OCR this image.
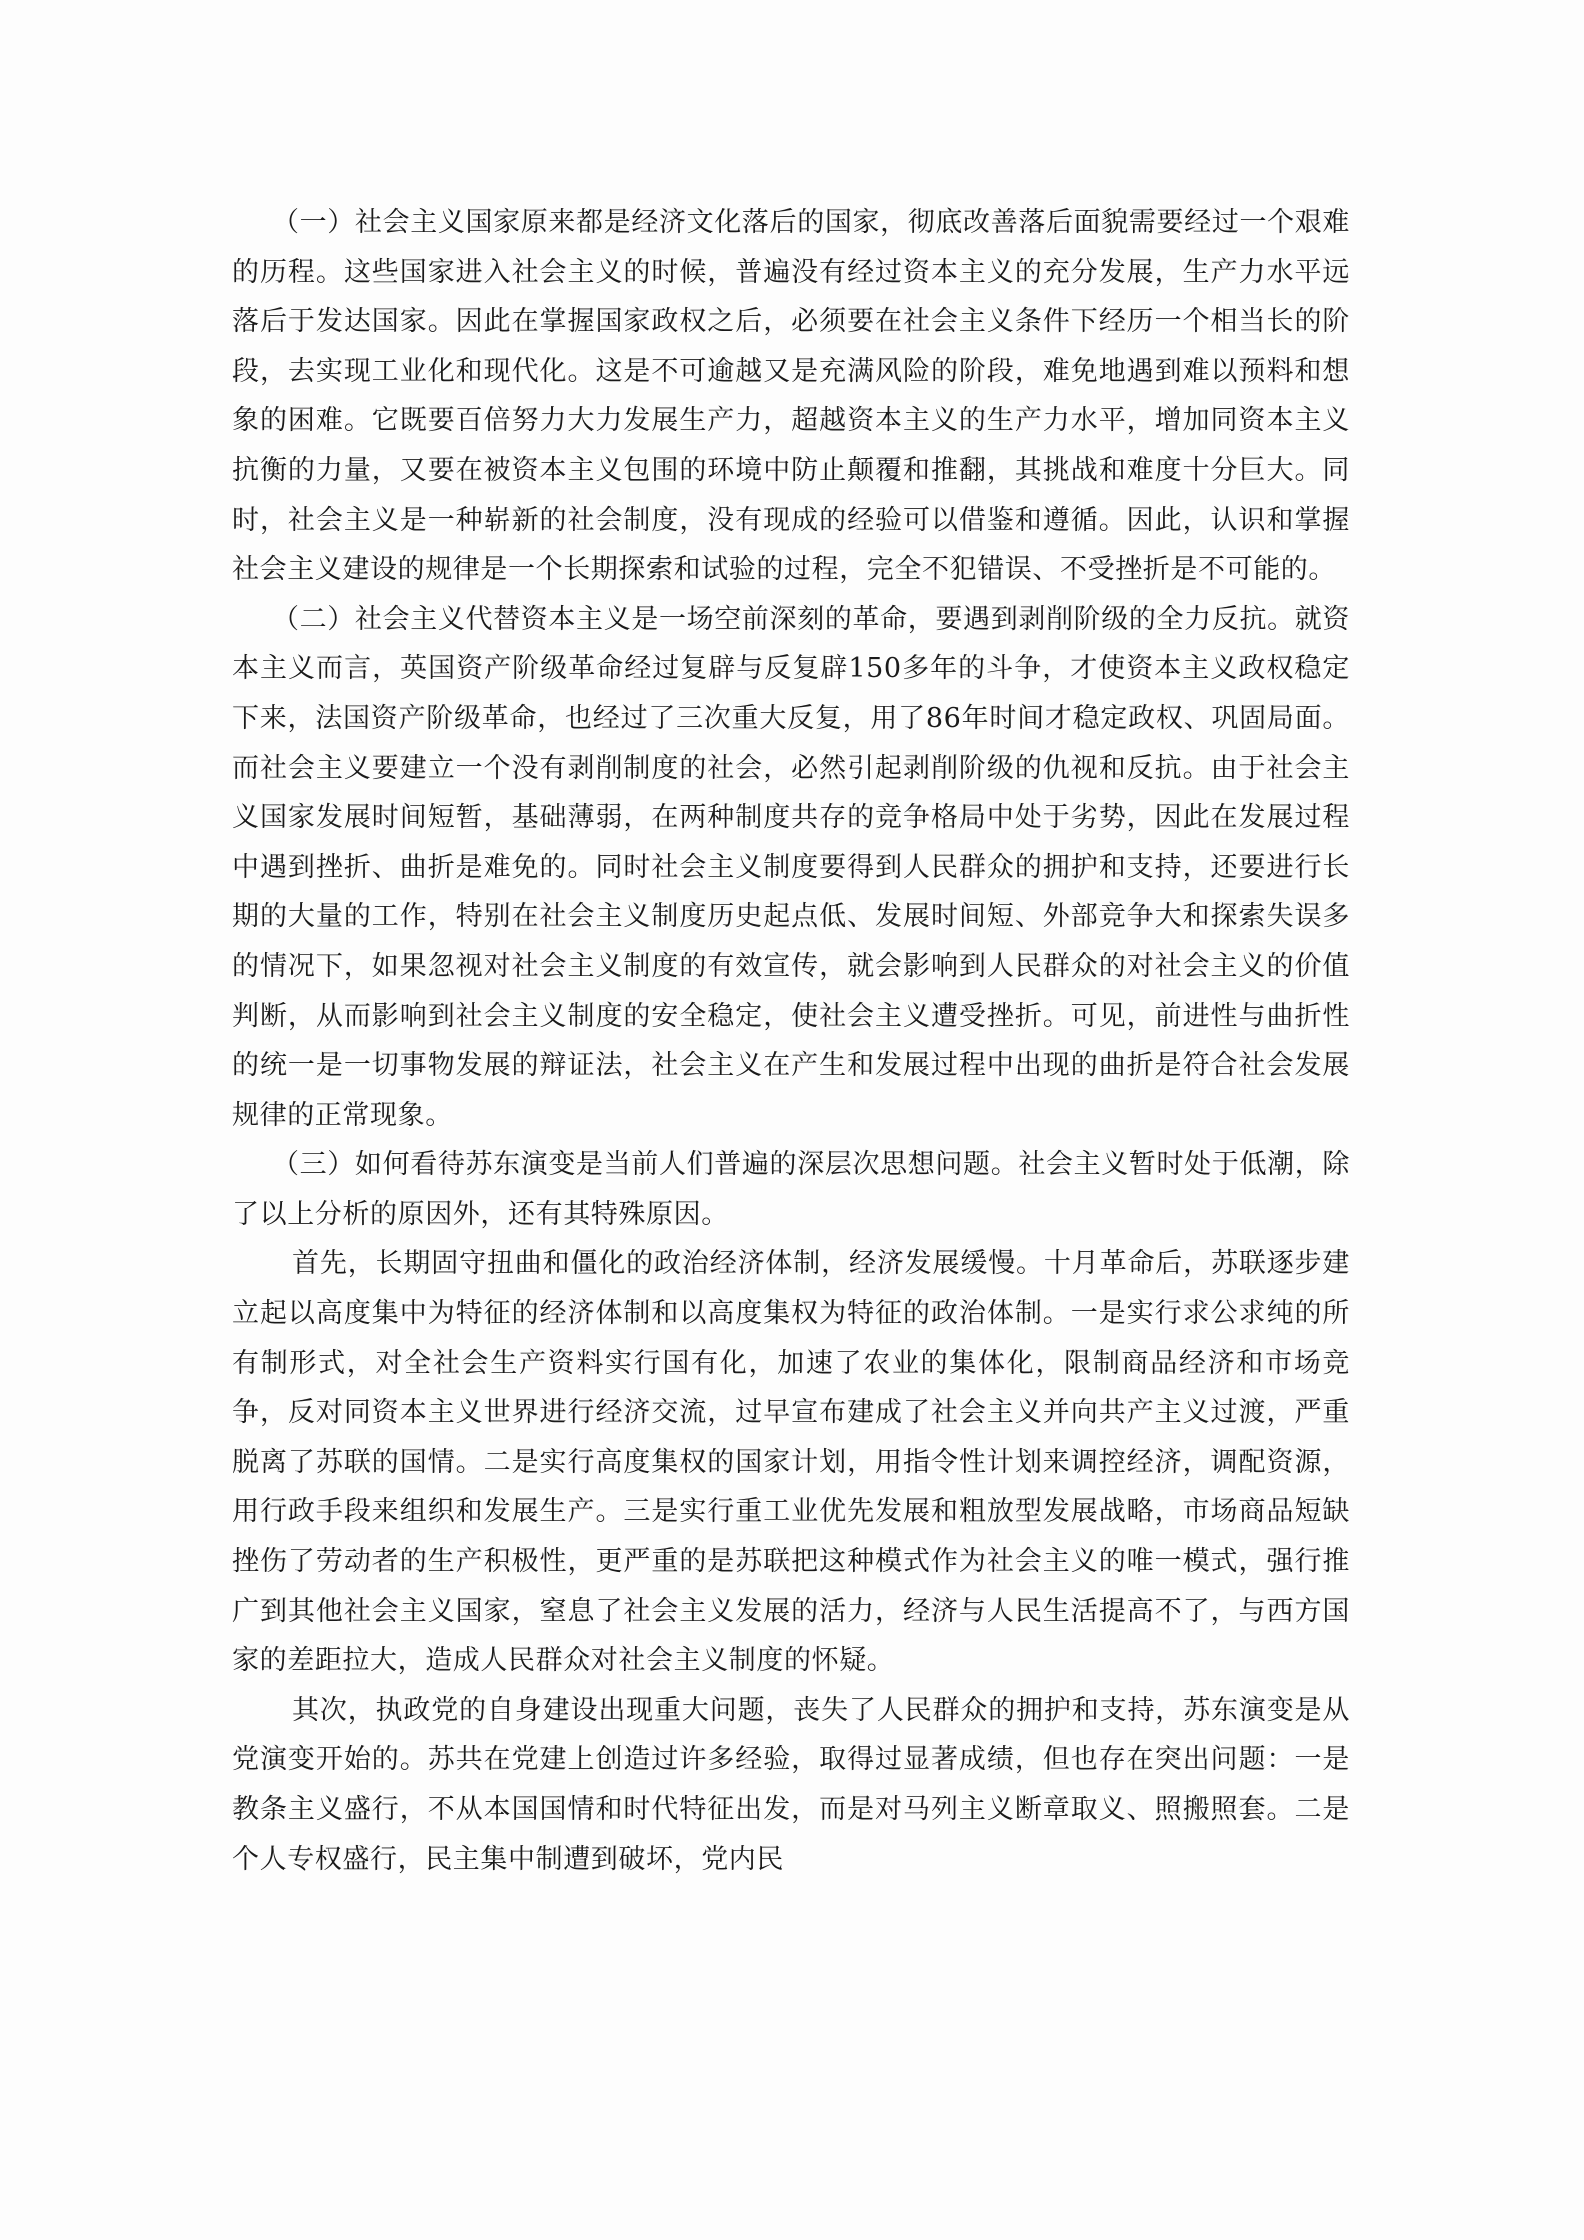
（一）社会主义国家原来都是经济文化落后的国家，彻底改善落后面貌需要经过一个艰难的历程。这些国家进入社会主义的时候，普遍没有经过资本主义的充分发展，生产力水平远落后于发达国家。因此在掌握国家政权之后，必须要在社会主义条件下经历一个相当长的阶段，去实现工业化和现代化。这是不可逾越又是充满风险的阶段，难免地遇到难以预料和想象的困难。它既要百倍努力大力发展生产力，超越资本主义的生产力水平，增加同资本主义抗衡的力量，又要在被资本主义包围的环境中防止颠覆和推翻，其挑战和难度十分巨大。同时，社会主义是一种崭新的社会制度，没有现成的经验可以借鉴和遵循。因此，认识和掌握社会主义建设的规律是一个长期探索和试验的过程，完全不犯错误、不受挫折是不可能的。

（二）社会主义代替资本主义是一场空前深刻的革命，要遇到剥削阶级的全力反抗。就资本主义而言，英国资产阶级革命经过复辟与反复辟150多年的斗争，才使资本主义政权稳定下来，法国资产阶级革命，也经过了三次重大反复，用了86年时间才稳定政权、巩固局面。而社会主义要建立一个没有剥削制度的社会，必然引起剥削阶级的仇视和反抗。由于社会主义国家发展时间短暂，基础薄弱，在两种制度共存的竞争格局中处于劣势，因此在发展过程中遇到挫折、曲折是难免的。同时社会主义制度要得到人民群众的拥护和支持，还要进行长期的大量的工作，特别在社会主义制度历史起点低、发展时间短、外部竞争大和探索失误多的情况下，如果忽视对社会主义制度的有效宣传，就会影响到人民群众的对社会主义的价值判断，从而影响到社会主义制度的安全稳定，使社会主义遭受挫折。可见，前进性与曲折性的统一是一切事物发展的辩证法，社会主义在产生和发展过程中出现的曲折是符合社会发展规律的正常现象。

（三）如何看待苏东演变是当前人们普遍的深层次思想问题。社会主义暂时处于低潮，除了以上分析的原因外，还有其特殊原因。

首先，长期固守扭曲和僵化的政治经济体制，经济发展缓慢。十月革命后，苏联逐步建立起以高度集中为特征的经济体制和以高度集权为特征的政治体制。一是实行求公求纯的所有制形式，对全社会生产资料实行国有化，加速了农业的集体化，限制商品经济和市场竞争，反对同资本主义世界进行经济交流，过早宣布建成了社会主义并向共产主义过渡，严重脱离了苏联的国情。二是实行高度集权的国家计划，用指令性计划来调控经济，调配资源，用行政手段来组织和发展生产。三是实行重工业优先发展和粗放型发展战略，市场商品短缺挫伤了劳动者的生产积极性，更严重的是苏联把这种模式作为社会主义的唯一模式，强行推广到其他社会主义国家，窒息了社会主义发展的活力，经济与人民生活提高不了，与西方国家的差距拉大，造成人民群众对社会主义制度的怀疑。

其次，执政党的自身建设出现重大问题，丧失了人民群众的拥护和支持，苏东演变是从党演变开始的。苏共在党建上创造过许多经验，取得过显著成绩，但也存在突出问题：一是教条主义盛行，不从本国国情和时代特征出发，而是对马列主义断章取义、照搬照套。二是个人专权盛行，民主集中制遭到破坏，党内民
